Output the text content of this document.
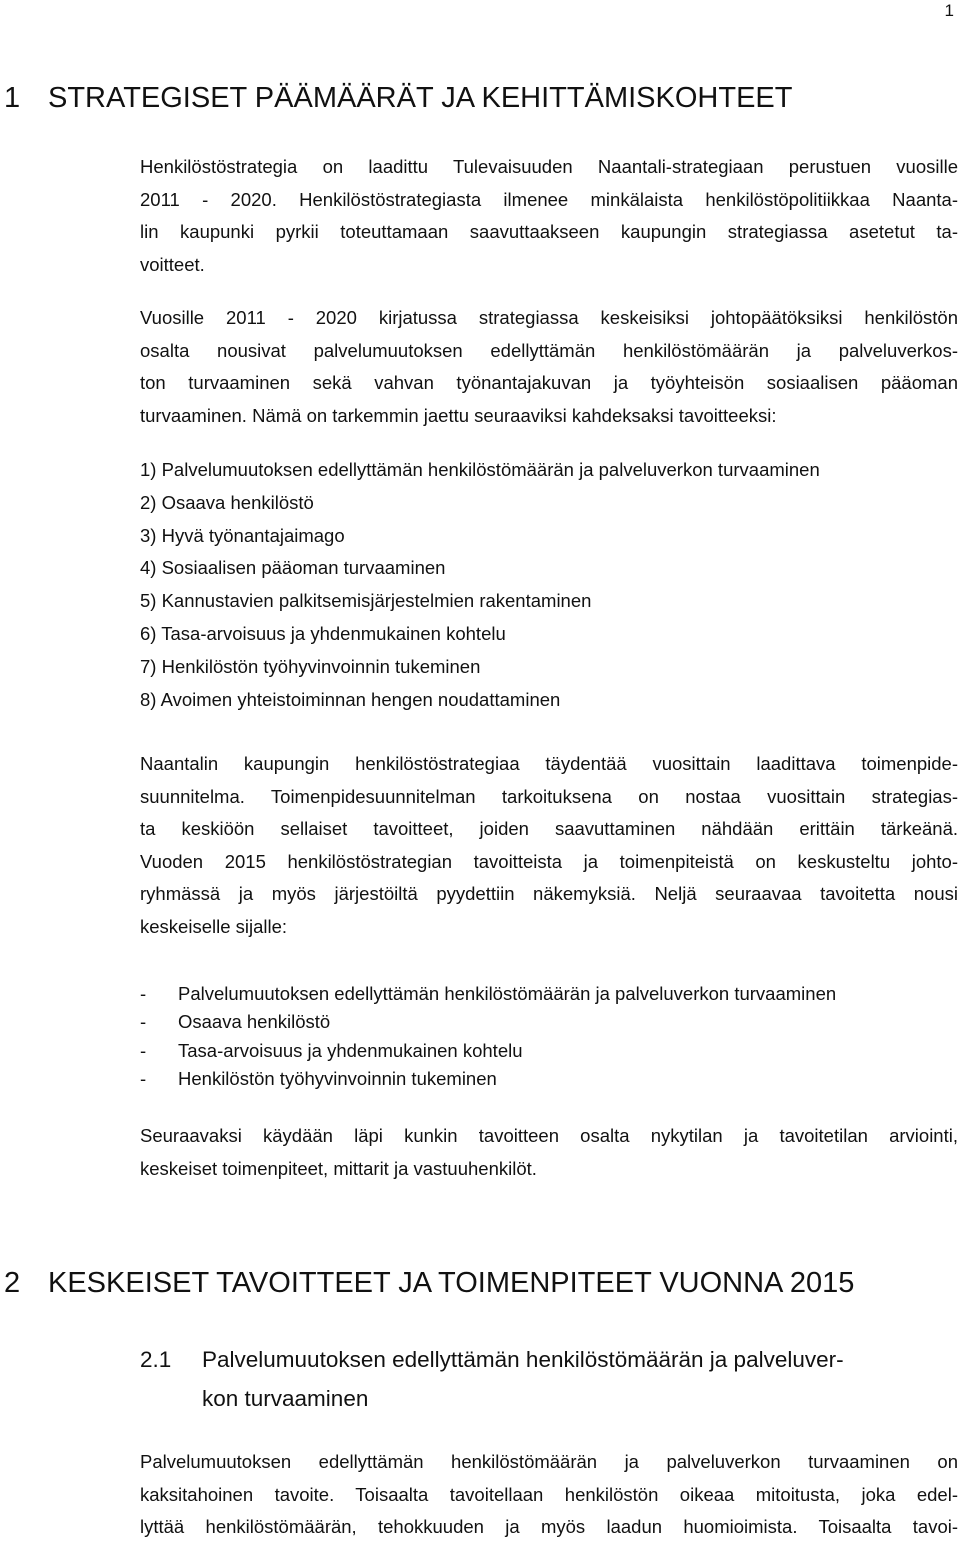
1
1 STRATEGISET PÄÄMÄÄRÄT JA KEHITTÄMISKOHTEET

Henkilöstöstrategia on laadittu Tulevaisuuden Naantali-strategiaan perustuen vuosille
2011 - 2020. Henkilöstöstrategiasta ilmenee minkälaista henkilöstöpolitiikkaa Naanta-
lin kaupunki pyrkii toteuttamaan saavuttaakseen kaupungin strategiassa asetetut ta-
voitteet.

Vuosille 2011 - 2020 kirjatussa strategiassa keskeisiksi johtopäätöksiksi henkilöstön
osalta nousivat palvelumuutoksen edellyttämän henkilöstömäärän ja palveluverkos-
ton turvaaminen sekä vahvan työnantajakuvan ja työyhteisön sosiaalisen pääoman
turvaaminen. Nämä on tarkemmin jaettu seuraaviksi kahdeksaksi tavoitteeksi:

1) Palvelumuutoksen edellyttämän henkilöstömäärän ja palveluverkon turvaaminen
2) Osaava henkilöstö
3) Hyvä työnantajaimago
4) Sosiaalisen pääoman turvaaminen
5) Kannustavien palkitsemisjärjestelmien rakentaminen
6) Tasa-arvoisuus ja yhdenmukainen kohtelu
7) Henkilöstön työhyvinvoinnin tukeminen
8) Avoimen yhteistoiminnan hengen noudattaminen

Naantalin kaupungin henkilöstöstrategiaa täydentää vuosittain laadittava toimenpide-
suunnitelma. Toimenpidesuunnitelman tarkoituksena on nostaa vuosittain strategias-
ta keskiöön sellaiset tavoitteet, joiden saavuttaminen nähdään erittäin tärkeänä.
Vuoden 2015 henkilöstöstrategian tavoitteista ja toimenpiteistä on keskusteltu johto-
ryhmässä ja myös järjestöiltä pyydettiin näkemyksiä. Neljä seuraavaa tavoitetta nousi
keskeiselle sijalle:

- Palvelumuutoksen edellyttämän henkilöstömäärän ja palveluverkon turvaaminen
- Osaava henkilöstö
- Tasa-arvoisuus ja yhdenmukainen kohtelu
- Henkilöstön työhyvinvoinnin tukeminen

Seuraavaksi käydään läpi kunkin tavoitteen osalta nykytilan ja tavoitetilan arviointi,
keskeiset toimenpiteet, mittarit ja vastuuhenkilöt.

2 KESKEISET TAVOITTEET JA TOIMENPITEET VUONNA 2015
2.1	Palvelumuutoksen edellyttämän henkilöstömäärän ja palveluver-
kon turvaaminen

Palvelumuutoksen edellyttämän henkilöstömäärän ja palveluverkon turvaaminen on
kaksitahoinen tavoite. Toisaalta tavoitellaan henkilöstön oikeaa mitoitusta, joka edel-
lyttää henkilöstömäärän, tehokkuuden ja myös laadun huomioimista. Toisaalta tavoi-
